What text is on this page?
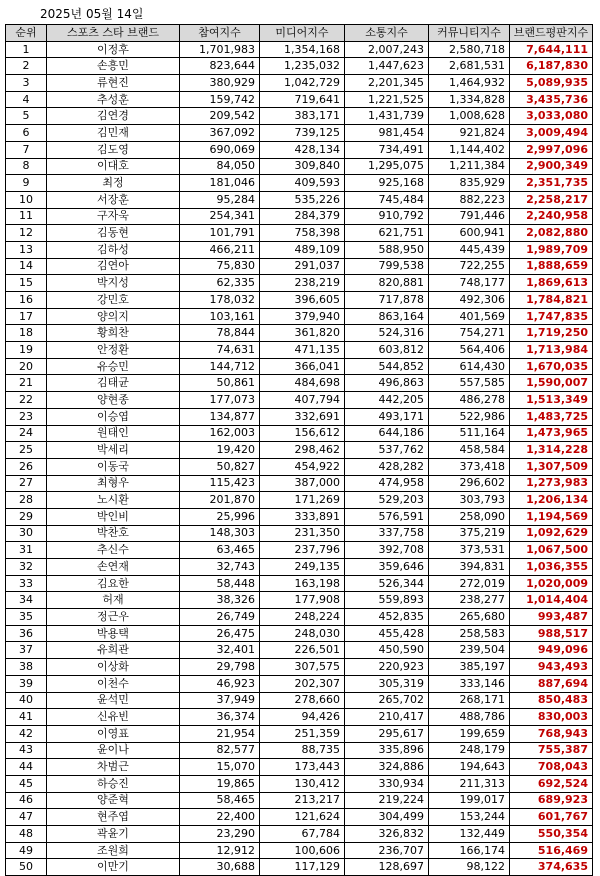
2025년 05월 14일
순위	스포츠 스타 브랜드	참여지수	미디어지수	소통지수	커뮤니티지수	브랜드평판지수
1	이정후	1,701,983	1,354,168	2,007,243	2,580,718	7,644,111
2	손흥민	823,644	1,235,032	1,447,623	2,681,531	6,187,830
3	류현진	380,929	1,042,729	2,201,345	1,464,932	5,089,935
4	추성훈	159,742	719,641	1,221,525	1,334,828	3,435,736
5	김연경	209,542	383,171	1,431,739	1,008,628	3,033,080
6	김민재	367,092	739,125	981,454	921,824	3,009,494
7	김도영	690,069	428,134	734,491	1,144,402	2,997,096
8	이대호	84,050	309,840	1,295,075	1,211,384	2,900,349
9	최정	181,046	409,593	925,168	835,929	2,351,735
10	서장훈	95,284	535,226	745,484	882,223	2,258,217
11	구자욱	254,341	284,379	910,792	791,446	2,240,958
12	김동현	101,791	758,398	621,751	600,941	2,082,880
13	김하성	466,211	489,109	588,950	445,439	1,989,709
14	김연아	75,830	291,037	799,538	722,255	1,888,659
15	박지성	62,335	238,219	820,881	748,177	1,869,613
16	강민호	178,032	396,605	717,878	492,306	1,784,821
17	양의지	103,161	379,940	863,164	401,569	1,747,835
18	황희찬	78,844	361,820	524,316	754,271	1,719,250
19	안정환	74,631	471,135	603,812	564,406	1,713,984
20	유승민	144,712	366,041	544,852	614,430	1,670,035
21	김태균	50,861	484,698	496,863	557,585	1,590,007
22	양현종	177,073	407,794	442,205	486,278	1,513,349
23	이승엽	134,877	332,691	493,171	522,986	1,483,725
24	원태인	162,003	156,612	644,186	511,164	1,473,965
25	박세리	19,420	298,462	537,762	458,584	1,314,228
26	이동국	50,827	454,922	428,282	373,418	1,307,509
27	최형우	115,423	387,000	474,958	296,602	1,273,983
28	노시환	201,870	171,269	529,203	303,793	1,206,134
29	박인비	25,996	333,891	576,591	258,090	1,194,569
30	박찬호	148,303	231,350	337,758	375,219	1,092,629
31	추신수	63,465	237,796	392,708	373,531	1,067,500
32	손연재	32,743	249,135	359,646	394,831	1,036,355
33	김요한	58,448	163,198	526,344	272,019	1,020,009
34	허재	38,326	177,908	559,893	238,277	1,014,404
35	정근우	26,749	248,224	452,835	265,680	993,487
36	박용택	26,475	248,030	455,428	258,583	988,517
37	유희관	32,401	226,501	450,590	239,504	949,096
38	이상화	29,798	307,575	220,923	385,197	943,493
39	이천수	46,923	202,307	305,319	333,146	887,694
40	윤석민	37,949	278,660	265,702	268,171	850,483
41	신유빈	36,374	94,426	210,417	488,786	830,003
42	이영표	21,954	251,359	295,617	199,659	768,943
43	윤이나	82,577	88,735	335,896	248,179	755,387
44	차범근	15,070	173,443	324,886	194,643	708,043
45	하승진	19,865	130,412	330,934	211,313	692,524
46	양준혁	58,465	213,217	219,224	199,017	689,923
47	현주엽	22,400	121,624	304,499	153,244	601,767
48	곽윤기	23,290	67,784	326,832	132,449	550,354
49	조원희	12,912	100,606	236,707	166,174	516,469
50	이만기	30,688	117,129	128,697	98,122	374,635
